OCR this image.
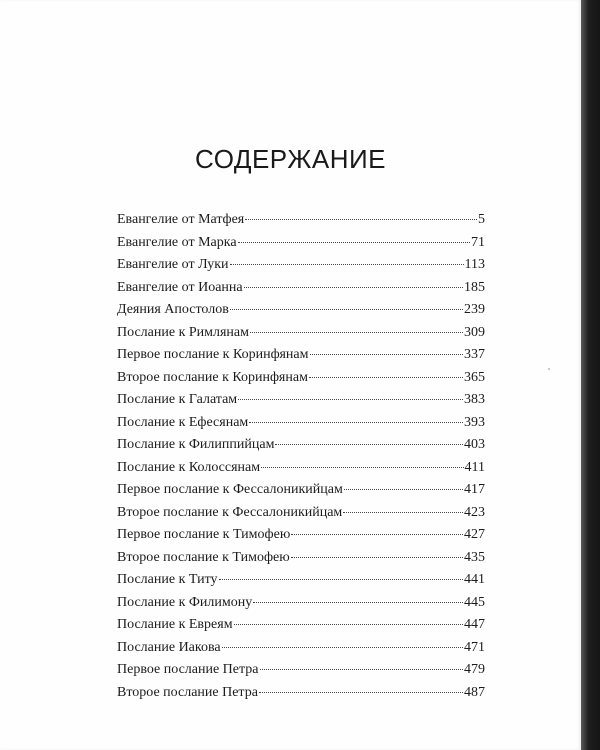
СОДЕРЖАНИЕ
Евангелие от Матфея	5
Евангелие от Марка	71
Евангелие от Луки	113
Евангелие от Иоанна	185
Деяния Апостолов	239
Послание к Римлянам	309
Первое послание к Коринфянам	337
Второе послание к Коринфянам	365
Послание к Галатам	383
Послание к Ефесянам	393
Послание к Филиппийцам	403
Послание к Колоссянам	411
Первое послание к Фессалоникийцам	417
Второе послание к Фессалоникийцам	423
Первое послание к Тимофею	427
Второе послание к Тимофею	435
Послание к Титу	441
Послание к Филимону	445
Послание к Евреям	447
Послание Иакова	471
Первое послание Петра	479
Второе послание Петра	487
